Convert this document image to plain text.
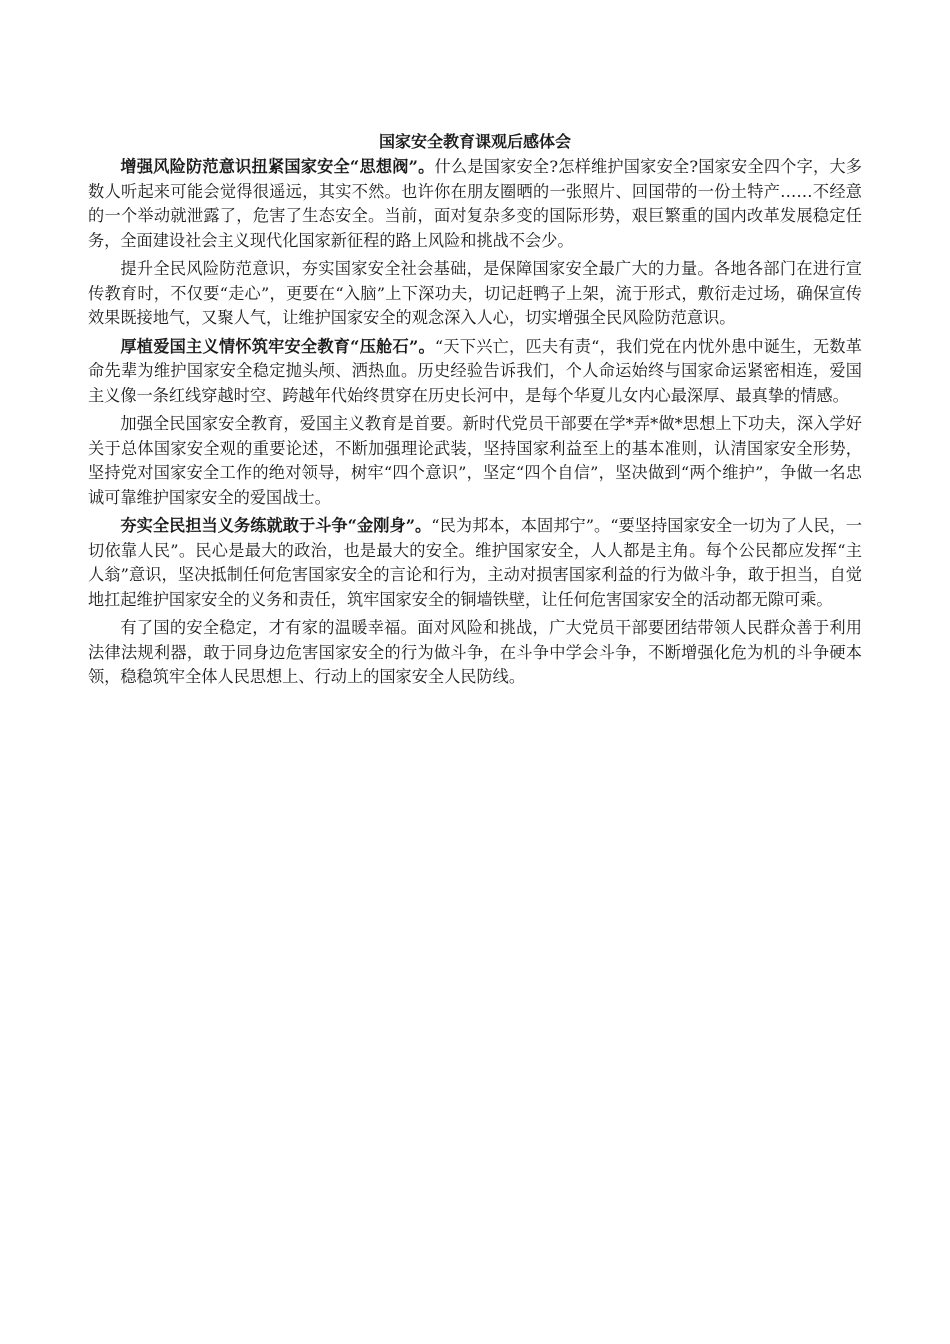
国家安全教育课观后感体会

增强风险防范意识扭紧国家安全“思想阀”。什么是国家安全?怎样维护国家安全?国家安全四个字，大多数人听起来可能会觉得很遥远，其实不然。也许你在朋友圈晒的一张照片、回国带的一份土特产……不经意的一个举动就泄露了，危害了生态安全。当前，面对复杂多变的国际形势，艰巨繁重的国内改革发展稳定任务，全面建设社会主义现代化国家新征程的路上风险和挑战不会少。

提升全民风险防范意识，夯实国家安全社会基础，是保障国家安全最广大的力量。各地各部门在进行宣传教育时，不仅要“走心”，更要在“入脑”上下深功夫，切记赶鸭子上架，流于形式，敷衍走过场，确保宣传效果既接地气，又聚人气，让维护国家安全的观念深入人心，切实增强全民风险防范意识。

厚植爱国主义情怀筑牢安全教育“压舱石”。“天下兴亡，匹夫有责“，我们党在内忧外患中诞生，无数革命先辈为维护国家安全稳定抛头颅、洒热血。历史经验告诉我们，个人命运始终与国家命运紧密相连，爱国主义像一条红线穿越时空、跨越年代始终贯穿在历史长河中，是每个华夏儿女内心最深厚、最真挚的情感。

加强全民国家安全教育，爱国主义教育是首要。新时代党员干部要在学*弄*做*思想上下功夫，深入学好关于总体国家安全观的重要论述，不断加强理论武装，坚持国家利益至上的基本准则，认清国家安全形势，坚持党对国家安全工作的绝对领导，树牢“四个意识”，坚定“四个自信”，坚决做到“两个维护”，争做一名忠诚可靠维护国家安全的爱国战士。

夯实全民担当义务练就敢于斗争“金刚身”。“民为邦本，本固邦宁”。“要坚持国家安全一切为了人民，一切依靠人民”。民心是最大的政治，也是最大的安全。维护国家安全，人人都是主角。每个公民都应发挥“主人翁”意识，坚决抵制任何危害国家安全的言论和行为，主动对损害国家利益的行为做斗争，敢于担当，自觉地扛起维护国家安全的义务和责任，筑牢国家安全的铜墙铁壁，让任何危害国家安全的活动都无隙可乘。

有了国的安全稳定，才有家的温暖幸福。面对风险和挑战，广大党员干部要团结带领人民群众善于利用法律法规利器，敢于同身边危害国家安全的行为做斗争，在斗争中学会斗争，不断增强化危为机的斗争硬本领，稳稳筑牢全体人民思想上、行动上的国家安全人民防线。
